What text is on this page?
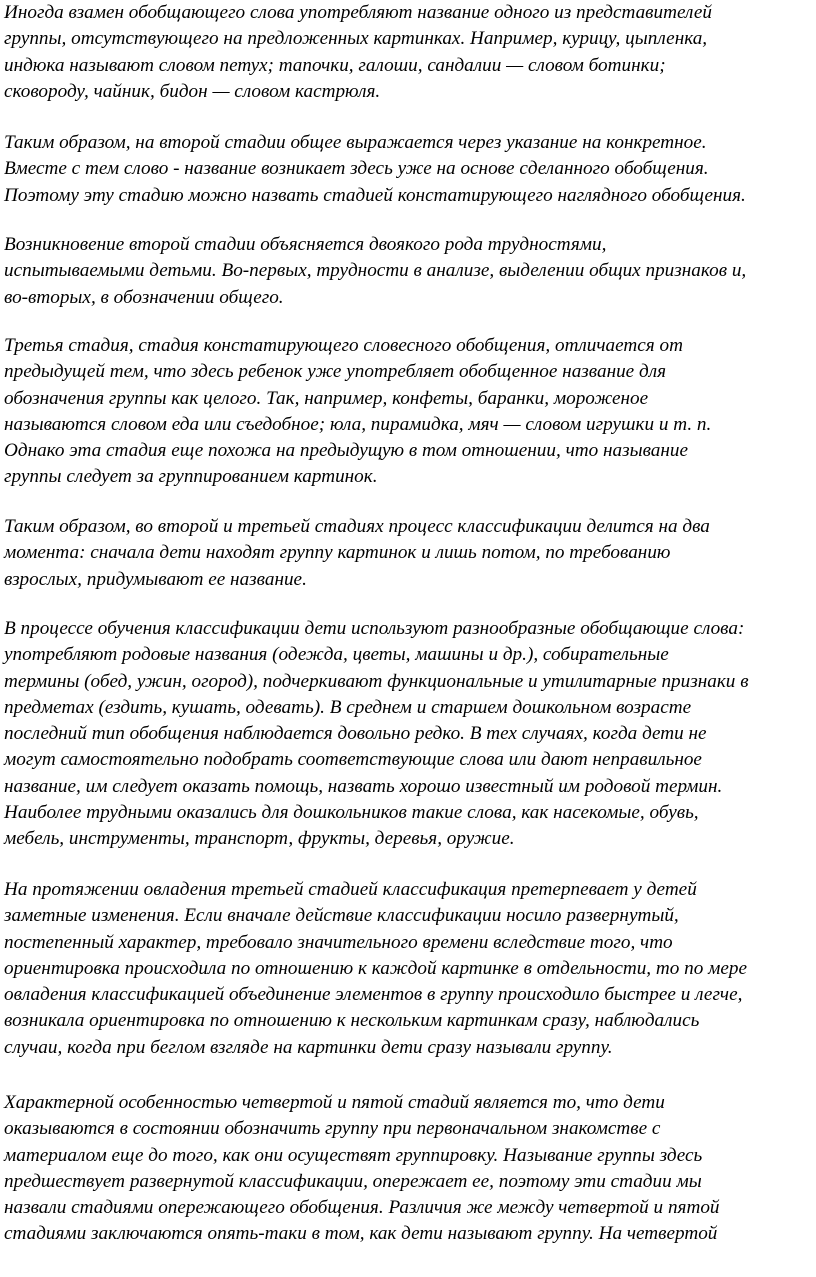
Иногда взамен обобщающего слова употребляют название одного из представителей
группы, отсутствующего на предложенных картинках. Например, курицу, цыпленка,
индюка называют словом петух; тапочки, галоши, сандалии — словом ботинки;
сковороду, чайник, бидон — словом кастрюля.

Таким образом, на второй стадии общее выражается через указание на конкретное.
Вместе с тем слово - название возникает здесь уже на основе сделанного обобщения.
Поэтому эту стадию можно назвать стадией констатирующего наглядного обобщения.

Возникновение второй стадии объясняется двоякого рода трудностями,
испытываемыми детьми. Во-первых, трудности в анализе, выделении общих признаков и,
во-вторых, в обозначении общего.

Третья стадия, стадия констатирующего словесного обобщения, отличается от
предыдущей тем, что здесь ребенок уже употребляет обобщенное название для
обозначения группы как целого. Так, например, конфеты, баранки, мороженое
называются словом еда или съедобное; юла, пирамидка, мяч — словом игрушки и т. п.
Однако эта стадия еще похожа на предыдущую в том отношении, что называние
группы следует за группированием картинок.

Таким образом, во второй и третьей стадиях процесс классификации делится на два
момента: сначала дети находят группу картинок и лишь потом, по требованию
взрослых, придумывают ее название.

В процессе обучения классификации дети используют разнообразные обобщающие слова:
употребляют родовые названия (одежда, цветы, машины и др.), собирательные
термины (обед, ужин, огород), подчеркивают функциональные и утилитарные признаки в
предметах (ездить, кушать, одевать). В среднем и старшем дошкольном возрасте
последний тип обобщения наблюдается довольно редко. В тех случаях, когда дети не
могут самостоятельно подобрать соответствующие слова или дают неправильное
название, им следует оказать помощь, назвать хорошо известный им родовой термин.
Наиболее трудными оказались для дошкольников такие слова, как насекомые, обувь,
мебель, инструменты, транспорт, фрукты, деревья, оружие.

На протяжении овладения третьей стадией классификация претерпевает у детей
заметные изменения. Если вначале действие классификации носило развернутый,
постепенный характер, требовало значительного времени вследствие того, что
ориентировка происходила по отношению к каждой картинке в отдельности, то по мере
овладения классификацией объединение элементов в группу происходило быстрее и легче,
возникала ориентировка по отношению к нескольким картинкам сразу, наблюдались
случаи, когда при беглом взгляде на картинки дети сразу называли группу.

Характерной особенностью четвертой и пятой стадий является то, что дети
оказываются в состоянии обозначить группу при первоначальном знакомстве с
материалом еще до того, как они осуществят группировку. Называние группы здесь
предшествует развернутой классификации, опережает ее, поэтому эти стадии мы
назвали стадиями опережающего обобщения. Различия же между четвертой и пятой
стадиями заключаются опять-таки в том, как дети называют группу. На четвертой
